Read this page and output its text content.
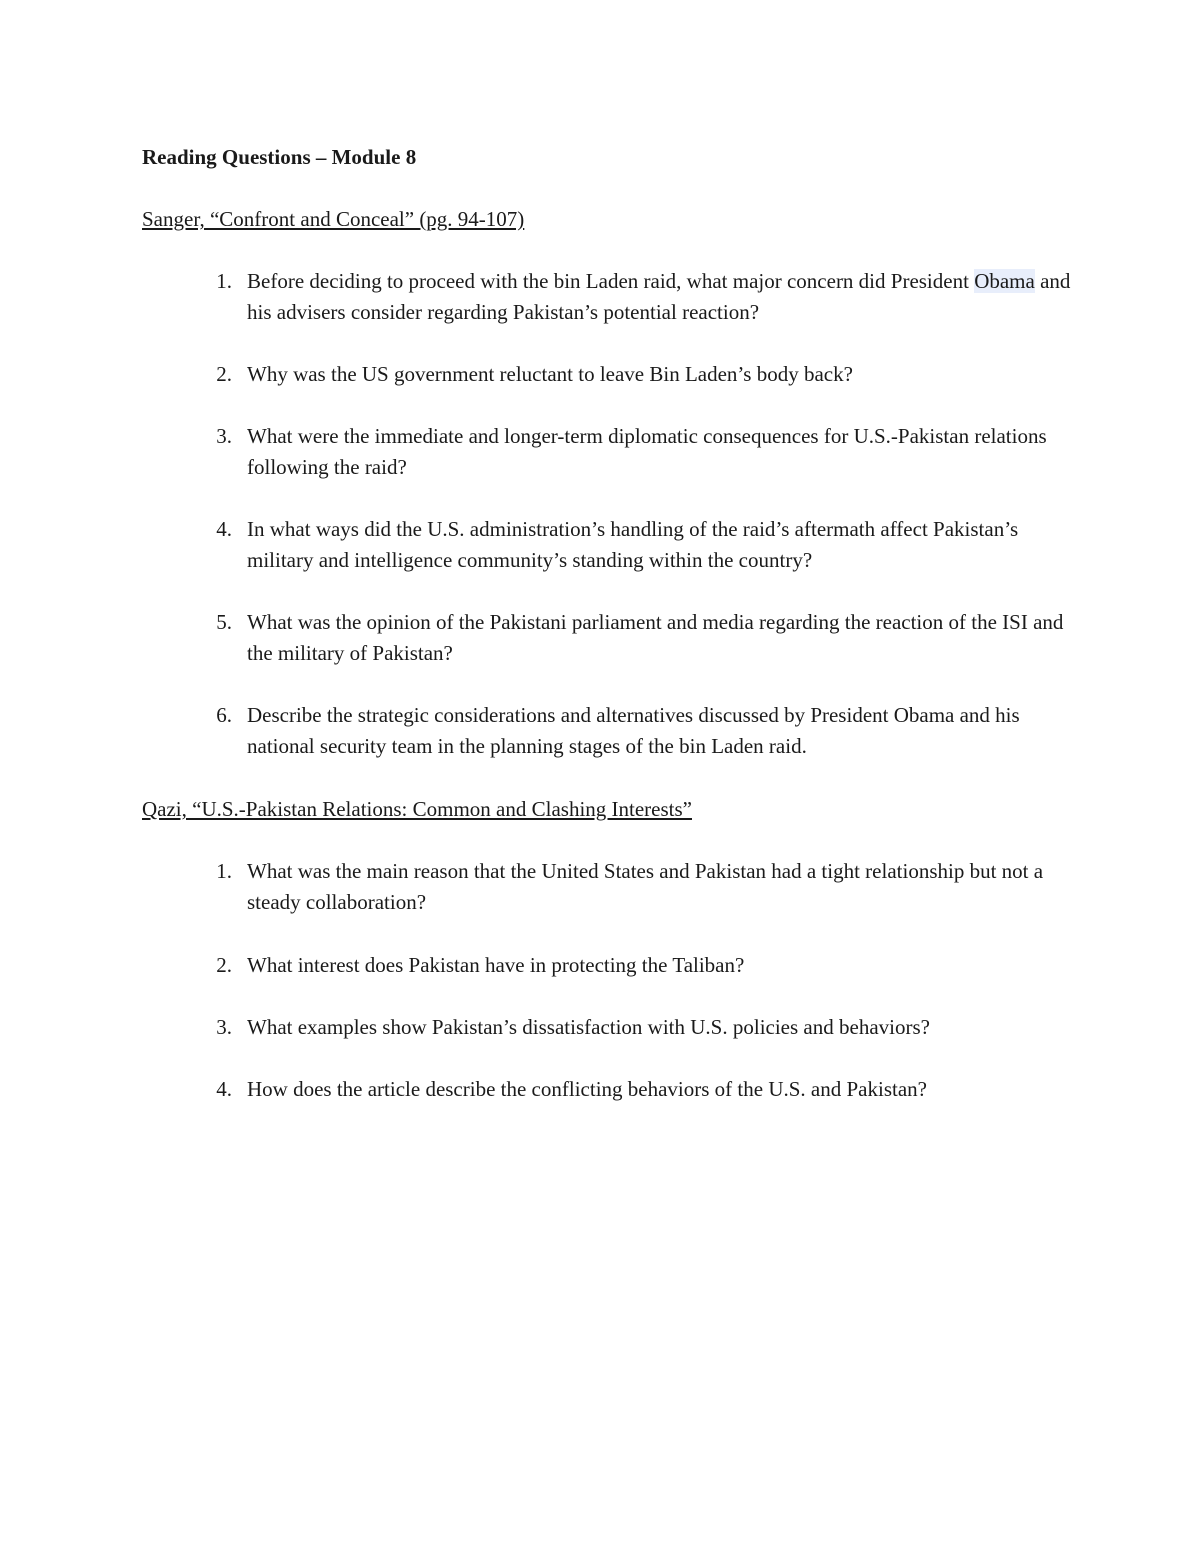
Reading Questions – Module 8
Sanger, “Confront and Conceal” (pg. 94-107)
1. Before deciding to proceed with the bin Laden raid, what major concern did President Obama and his advisers consider regarding Pakistan’s potential reaction?
2. Why was the US government reluctant to leave Bin Laden’s body back?
3. What were the immediate and longer-term diplomatic consequences for U.S.-Pakistan relations following the raid?
4. In what ways did the U.S. administration’s handling of the raid’s aftermath affect Pakistan’s military and intelligence community’s standing within the country?
5. What was the opinion of the Pakistani parliament and media regarding the reaction of the ISI and the military of Pakistan?
6. Describe the strategic considerations and alternatives discussed by President Obama and his national security team in the planning stages of the bin Laden raid.
Qazi, “U.S.-Pakistan Relations: Common and Clashing Interests”
1. What was the main reason that the United States and Pakistan had a tight relationship but not a steady collaboration?
2. What interest does Pakistan have in protecting the Taliban?
3. What examples show Pakistan’s dissatisfaction with U.S. policies and behaviors?
4. How does the article describe the conflicting behaviors of the U.S. and Pakistan?
